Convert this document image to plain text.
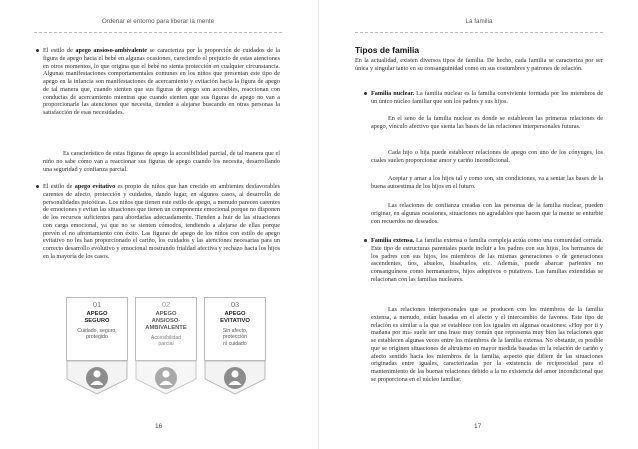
Ordenar el entorno para liberar la mente

El estilo de apego ansioso-ambivalente se caracteriza por la proporción de cuidados de la figura de apego hacia el bebé en algunas ocasiones, careciendo el prejuicio de estas atenciones en otros momentos, lo que origina que el bebé no sienta protección en cualquier circunstancia. Algunas manifestaciones comportamentales comunes en los niños que presentan este tipo de apego en la infancia son manifestaciones de acercamiento y evitación hacia la figura de apego de tal manera que, cuando sienten que sus figuras de apego son accesibles, reaccionan con conductas de acercamiento mientras que cuando sienten que sus figuras de apego no van a proporcionarle las atenciones que necesita, tienden a alejarse buscando en otras personas la satisfacción de esas necesidades.

Es característico de estas figuras de apego la accesibilidad parcial, de tal manera que el niño no sabe cómo van a reaccionar sus figuras de apego cuando los necesita, desarrollando una seguridad y confianza parcial.

El estilo de apego evitativo es propio de niños que han crecido en ambientes desfavorables carentes de afecto, protección y cuidados, dando lugar, en algunos casos, al desarrollo de personalidades psicóticas. Los niños que tienen este estilo de apego, a menudo parecen carentes de emociones y evitan las situaciones que tienen un componente emocional porque no disponen de los recursos suficientes para abordarlas adecuadamente. Tienden a huir de las situaciones con carga emocional, ya que no se sienten cómodos, tendiendo a alejarse de ellas porque prevén el no afrontamiento con éxito. Las figuras de apego de los niños con estilo de apego evitativo no les han proporcionado el cariño, los cuidados y las atenciones necesarias para un correcto desarrollo evolutivo y emocional mostrando frialdad afectiva y rechazo hacia los hijos en la mayoría de los casos.

01
APEGO
SEGURO
Cuidado, seguro,
protegido
02
APEGO
ANSIOSO-
AMBIVALENTE
Accesibilidad
parcial
03
APEGO
EVITATIVO
Sin afecto,
protección
ni cuidado
16
La familia
Tipos de familia

En la actualidad, existen diversos tipos de familia. De hecho, cada familia se caracteriza por ser única y singular tanto en su consanguinidad como en sus costumbres y patrones de relación.

Familia nuclear. La familia nuclear es la familia conviviente formada por los miembros de un único núcleo familiar que son los padres y sus hijos.

En el seno de la familia nuclear es donde se establecen las primeras relaciones de apego, vínculo afectivo que sienta las bases de las relaciones interpersonales futuras.

Cada hijo o hija puede establecer relaciones de apego con uno de los cónyuges, los cuales suelen proporcionar amor y cariño incondicional.

Aceptar y amar a los hijos tal y como son, sin condiciones, va a sentar las bases de la buena autoestima de los hijos en el futuro.

Las relaciones de confianza creadas con las personas de la familia nuclear, pueden originar, en algunas ocasiones, situaciones no agradables que hacen que la mente se enturbie con recuerdos no deseados.

Familia extensa. La familia extensa o familia compleja actúa como una comunidad cerrada. Este tipo de estructuras parentales puede incluir a los padres con sus hijos, los hermanos de los padres con sus hijos, los miembros de las mismas generaciones o de generaciones ascendentes, tíos, abuelos, bisabuelos, etc. Además, puede abarcar parientes no consanguíneos como hermanastros, hijos adoptivos o putativos. Las familias extendidas se relacionan con las familias nucleares.

Las relaciones interpersonales que se producen con los miembros de la familia extensa, a menudo, están basadas en el afecto y el intercambio de favores. Este tipo de relación es similar a la que se establece con los iguales en algunas ocasiones: «Hoy por ti y mañana por mí» suele ser una frase muy común que representa muy bien las relaciones que se establecen algunas veces entre los miembros de la familia extensa. No obstante, es posible que se originen situaciones de altruismo en mayor medida basadas en la relación de cariño y afecto sentido hacia los miembros de la familia, aspecto que difiere de las situaciones originadas entre iguales, caracterizadas por la existencia de reciprocidad para el mantenimiento de las buenas relaciones debido a la no existencia del amor incondicional que se proporciona en el núcleo familiar.

17
